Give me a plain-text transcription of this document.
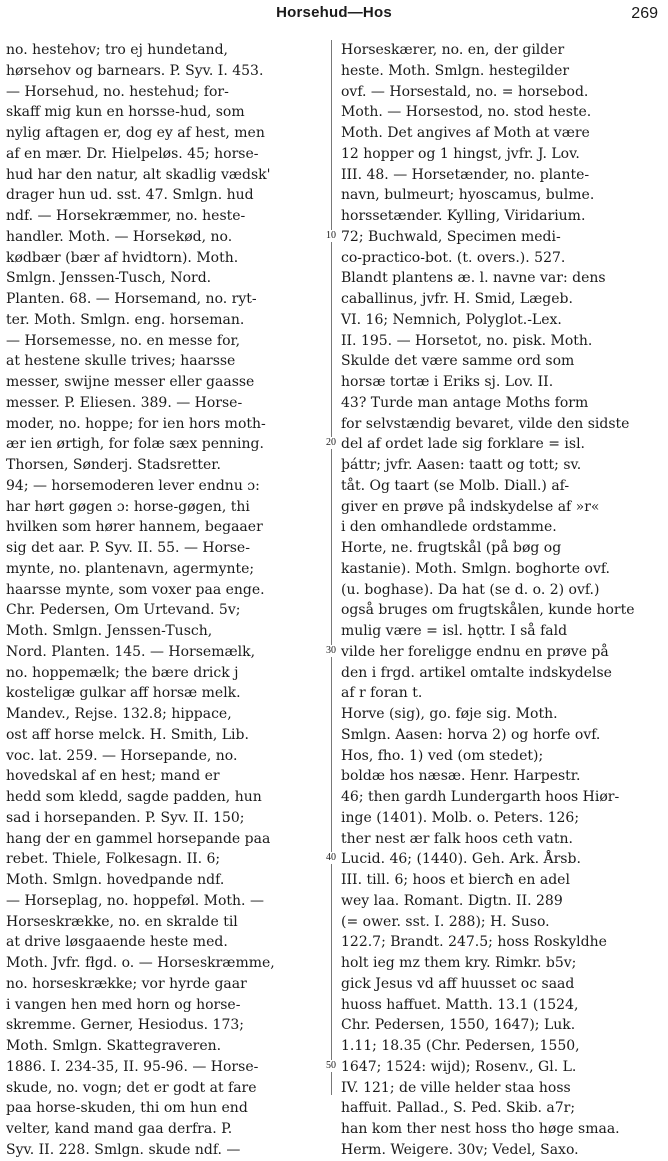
Horsehud—Hos	269
no. hestehov; tro ej hundetand,
hørsehov og barnears. P. Syv. I. 453.
— Horsehud, no. hestehud; for-
skaff mig kun en horsse-hud, som
nylig aftagen er, dog ey af hest, men
af en mær. Dr. Hielpeløs. 45; horse-
hud har den natur, alt skadlig vædsk'
drager hun ud. sst. 47. Smlgn. hud
ndf. — Horsekræmmer, no. heste-
handler. Moth. — Horsekød, no.
kødbær (bær af hvidtorn). Moth.
Smlgn. Jenssen-Tusch, Nord.
Planten. 68. — Horsemand, no. ryt-
ter. Moth. Smlgn. eng. horseman.
— Horsemesse, no. en messe for,
at hestene skulle trives; haarsse
messer, swijne messer eller gaasse
messer. P. Eliesen. 389. — Horse-
moder, no. hoppe; for ien hors moth-
ær ien ørtigh, for folæ sæx penning.
Thorsen, Sønderj. Stadsretter.
94; — horsemoderen lever endnu ɔ:
har hørt gøgen ɔ: horse-gøgen, thi
hvilken som hører hannem, begaaer
sig det aar. P. Syv. II. 55. — Horse-
mynte, no. plantenavn, agermynte;
haarsse mynte, som voxer paa enge.
Chr. Pedersen, Om Urtevand. 5v;
Moth. Smlgn. Jenssen-Tusch,
Nord. Planten. 145. — Horsemælk,
no. hoppemælk; the bære drick j
kosteligæ gulkar aff horsæ melk.
Mandev., Rejse. 132.8; hippace,
ost aff horse melck. H. Smith, Lib.
voc. lat. 259. — Horsepande, no.
hovedskal af en hest; mand er
hedd som kledd, sagde padden, hun
sad i horsepanden. P. Syv. II. 150;
hang der en gammel horsepande paa
rebet. Thiele, Folkesagn. II. 6;
Moth. Smlgn. hovedpande ndf.
— Horseplag, no. hoppeføl. Moth. —
Horseskrække, no. en skralde til
at drive løsgaaende heste med.
Moth. Jvfr. fłgd. o. — Horseskræmme,
no. horseskrække; vor hyrde gaar
i vangen hen med horn og horse-
skremme. Gerner, Hesiodus. 173;
Moth. Smlgn. Skattegraveren.
1886. I. 234-35, II. 95-96. — Horse-
skude, no. vogn; det er godt at fare
paa horse-skuden, thi om hun end
velter, kand mand gaa derfra. P.
Syv. II. 228. Smlgn. skude ndf. —
Horseskærer, no. en, der gilder
heste. Moth. Smlgn. hestegilder
ovf. — Horsestald, no. = horsebod.
Moth. — Horsestod, no. stod heste.
Moth. Det angives af Moth at være
12 hopper og 1 hingst, jvfr. J. Lov.
III. 48. — Horsetænder, no. plante-
navn, bulmeurt; hyoscamus, bulme.
horssetænder. Kylling, Viridarium.
72; Buchwald, Specimen medi-
co-practico-bot. (t. overs.). 527.
Blandt plantens æ. l. navne var: dens
caballinus, jvfr. H. Smid, Lægeb.
VI. 16; Nemnich, Polyglot.-Lex.
II. 195. — Horsetot, no. pisk. Moth.
Skulde det være samme ord som
horsæ tortæ i Eriks sj. Lov. II.
43? Turde man antage Moths form
for selvstændig bevaret, vilde den sidste
del af ordet lade sig forklare = isl.
þáttr; jvfr. Aasen: taatt og tott; sv.
tåt. Og taart (se Molb. Diall.) af-
giver en prøve på indskydelse af »r«
i den omhandlede ordstamme.
Horte, ne. frugtskål (på bøg og
kastanie). Moth. Smlgn. boghorte ovf.
(u. boghase). Da hat (se d. o. 2) ovf.)
også bruges om frugtskålen, kunde horte
mulig være = isl. hǫttr. I så fald
vilde her foreligge endnu en prøve på
den i frgd. artikel omtalte indskydelse
af r foran t.
Horve (sig), go. føje sig. Moth.
Smlgn. Aasen: horva 2) og horfe ovf.
Hos, fho. 1) ved (om stedet);
boldæ hos næsæ. Henr. Harpestr.
46; then gardh Lundergarth hoos Hiør-
inge (1401). Molb. o. Peters. 126;
ther nest ær falk hoos ceth vatn.
Lucid. 46; (1440). Geh. Ark. Årsb.
III. till. 6; hoos et biercħ en adel
wey laa. Romant. Digtn. II. 289
(= ower. sst. I. 288); H. Suso.
122.7; Brandt. 247.5; hoss Roskyldhe
holt ieg mz them kry. Rimkr. b5v;
gick Jesus vd aff huusset oc saad
huoss haffuet. Matth. 13.1 (1524,
Chr. Pedersen, 1550, 1647); Luk.
1.11; 18.35 (Chr. Pedersen, 1550,
1647; 1524: wijd); Rosenv., Gl. L.
IV. 121; de ville helder staa hoss
haffuit. Pallad., S. Ped. Skib. a7r;
han kom ther nest hoss tho høge smaa.
Herm. Weigere. 30v; Vedel, Saxo.
10
20
30
40
50
